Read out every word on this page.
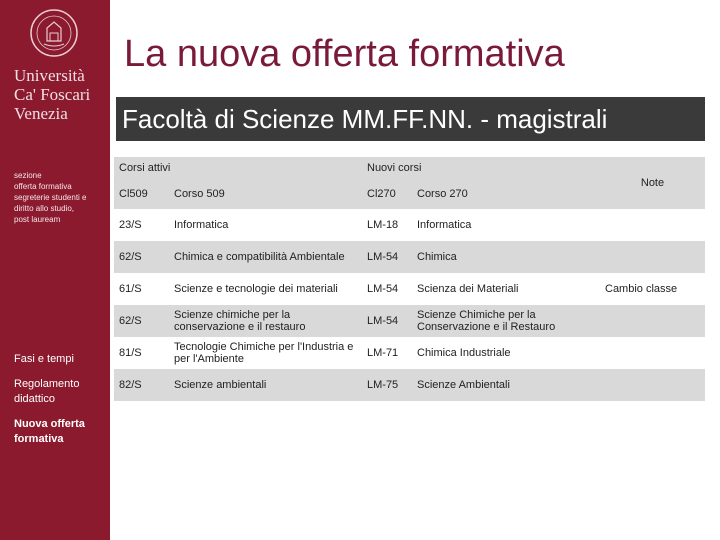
Università
Ca' Foscari
Venezia
sezione
offerta formativa
segreterie studenti e
diritto allo studio,
post lauream
Fasi e tempi
Regolamento didattico
Nuova offerta formativa
La nuova offerta formativa
Facoltà di Scienze MM.FF.NN. - magistrali
Corsi attivi		Nuovi corsi		Note
Cl509	Corso 509	Cl270	Corso 270	
23/S	Informatica	LM-18	Informatica	
62/S	Chimica e compatibilità Ambientale	LM-54	Chimica	
61/S	Scienze e tecnologie dei materiali	LM-54	Scienza dei Materiali	Cambio classe
62/S	Scienze chimiche per la conservazione e il restauro	LM-54	Scienze Chimiche per la Conservazione e il Restauro	
81/S	Tecnologie Chimiche per l'Industria e per l'Ambiente	LM-71	Chimica Industriale	
82/S	Scienze ambientali	LM-75	Scienze Ambientali	
